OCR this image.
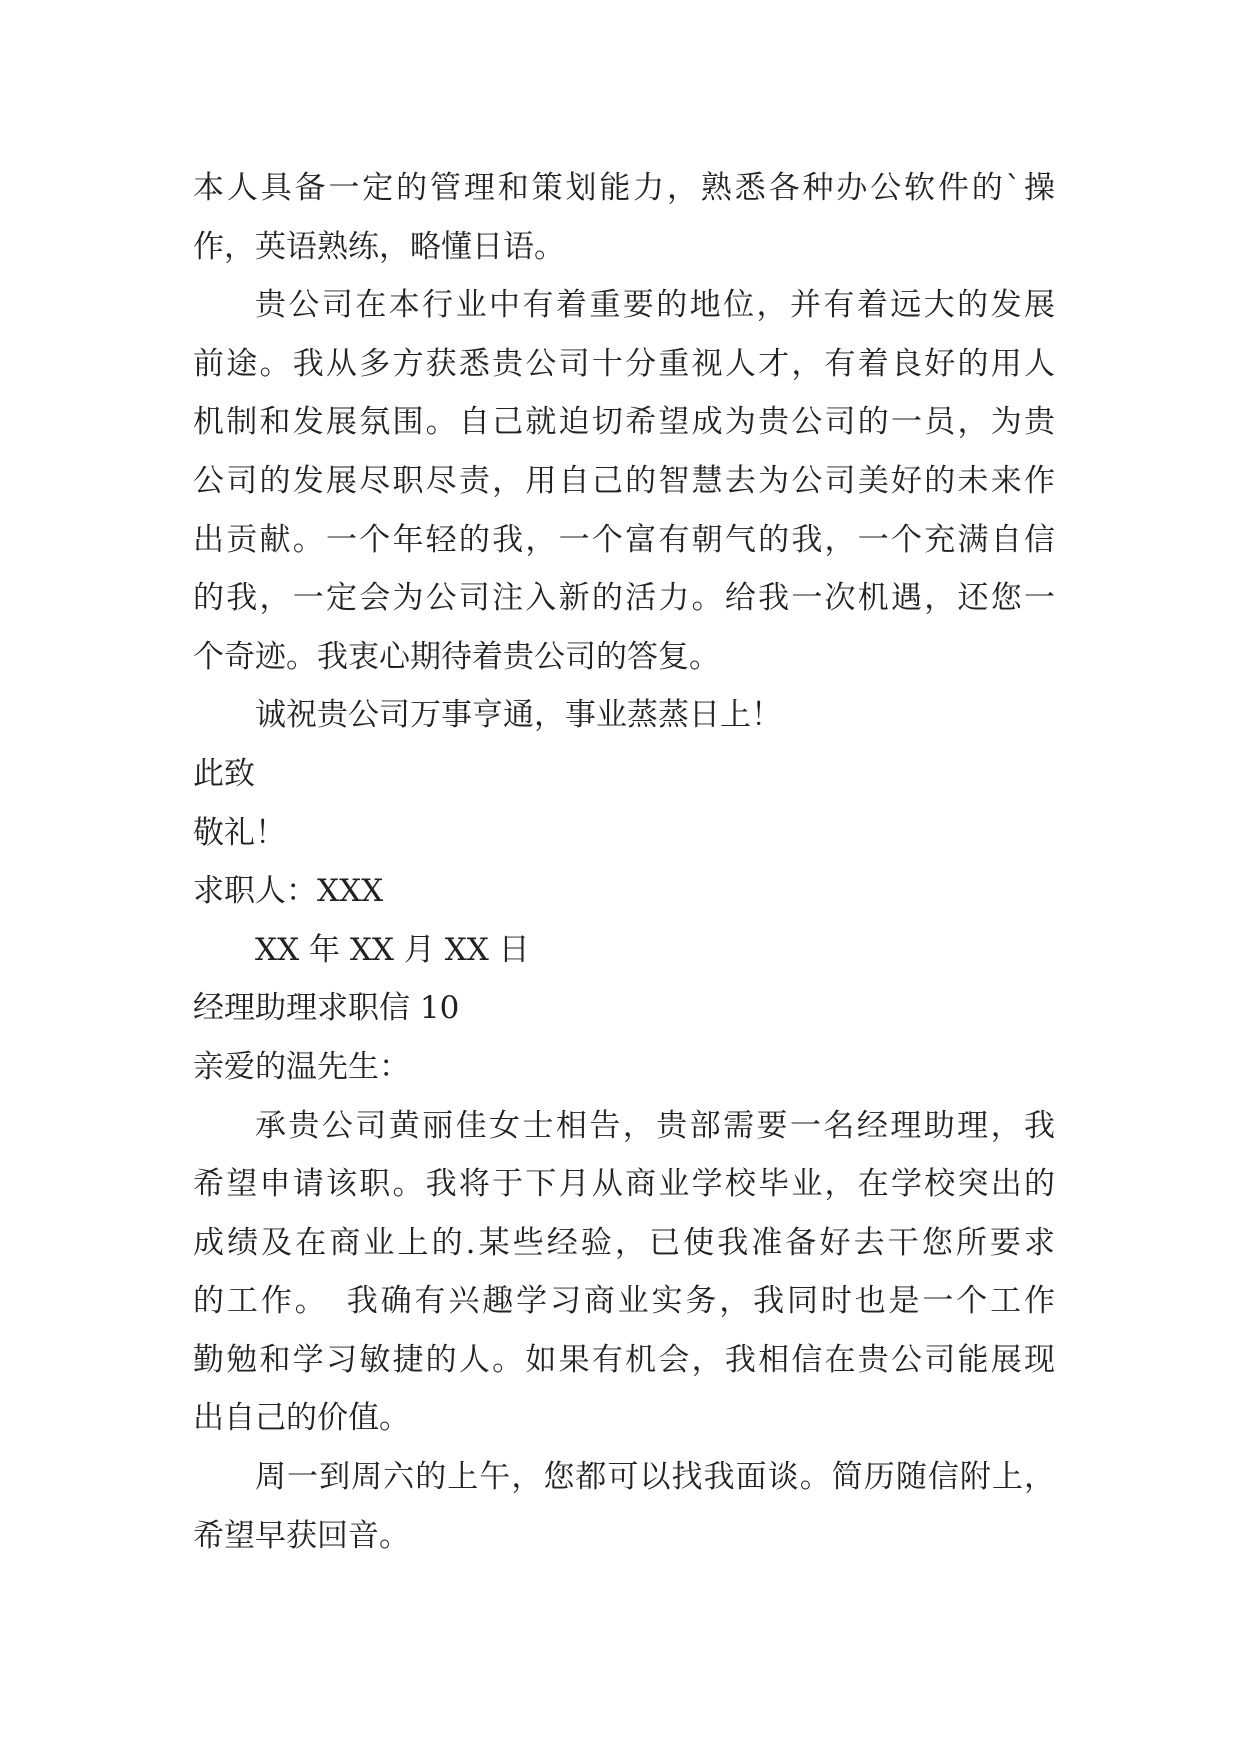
本人具备一定的管理和策划能力，熟悉各种办公软件的`操
作，英语熟练，略懂日语。
贵公司在本行业中有着重要的地位，并有着远大的发展
前途。我从多方获悉贵公司十分重视人才，有着良好的用人
机制和发展氛围。自己就迫切希望成为贵公司的一员，为贵
公司的发展尽职尽责，用自己的智慧去为公司美好的未来作
出贡献。一个年轻的我，一个富有朝气的我，一个充满自信
的我，一定会为公司注入新的活力。给我一次机遇，还您一
个奇迹。我衷心期待着贵公司的答复。
诚祝贵公司万事亨通，事业蒸蒸日上！
此致
敬礼！
求职人：XXX
XX 年 XX 月 XX 日
经理助理求职信 10
亲爱的温先生：
承贵公司黄丽佳女士相告，贵部需要一名经理助理，我
希望申请该职。我将于下月从商业学校毕业，在学校突出的
成绩及在商业上的.某些经验，已使我准备好去干您所要求
的工作。　我确有兴趣学习商业实务，我同时也是一个工作
勤勉和学习敏捷的人。如果有机会，我相信在贵公司能展现
出自己的价值。
周一到周六的上午，您都可以找我面谈。简历随信附上，
希望早获回音。
